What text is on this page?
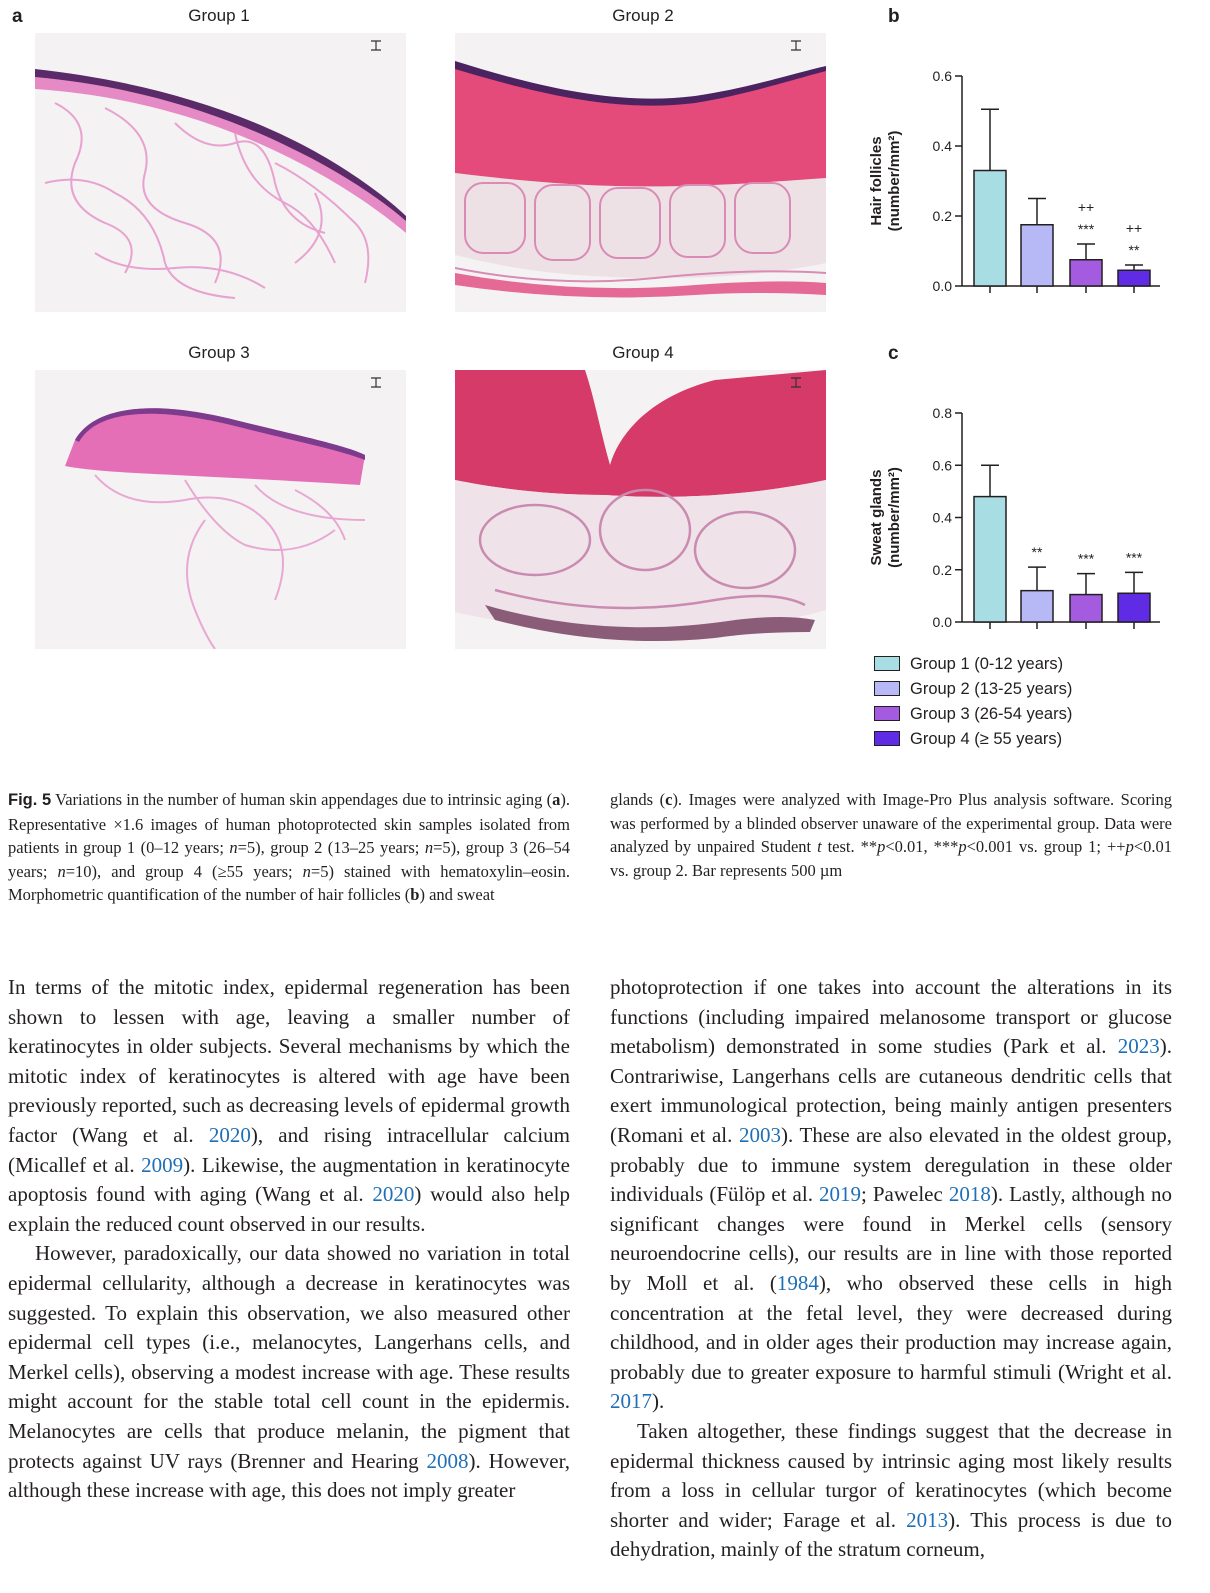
a	Group 1	Group 2
Group 3	Group 4
b
c
0.0
0.2
0.4
0.6
Hair follicles (number/mm²)	++
*** ++
**
0.0
0.2
0.4
0.6
0.8
Sweat glands (number/mm²)	**	*** ***
Group 1 (0-12 years)
Group 2 (13-25 years)
Group 3 (26-54 years)
Group 4 (≥ 55 years)
Fig. 5 Variations in the number of human skin appendages due to intrinsic aging (a). Representative ×1.6 images of human photoprotected skin samples isolated from patients in group 1 (0–12 years; n=5), group 2 (13–25 years; n=5), group 3 (26–54 years; n=10), and group 4 (≥55 years; n=5) stained with hematoxylin–eosin. Morphometric quantification of the number of hair follicles (b) and sweat
glands (c). Images were analyzed with Image-Pro Plus analysis software. Scoring was performed by a blinded observer unaware of the experimental group. Data were analyzed by unpaired Student t test. **p<0.01, ***p<0.001 vs. group 1; ++p<0.01 vs. group 2. Bar represents 500 µm

In terms of the mitotic index, epidermal regeneration has been shown to lessen with age, leaving a smaller number of keratinocytes in older subjects. Several mechanisms by which the mitotic index of keratinocytes is altered with age have been previously reported, such as decreasing levels of epidermal growth factor (Wang et al. 2020), and rising intracellular calcium (Micallef et al. 2009). Likewise, the augmentation in keratinocyte apoptosis found with aging (Wang et al. 2020) would also help explain the reduced count observed in our results.

However, paradoxically, our data showed no variation in total epidermal cellularity, although a decrease in keratinocytes was suggested. To explain this observation, we also measured other epidermal cell types (i.e., melanocytes, Langerhans cells, and Merkel cells), observing a modest increase with age. These results might account for the stable total cell count in the epidermis. Melanocytes are cells that produce melanin, the pigment that protects against UV rays (Brenner and Hearing 2008). However, although these increase with age, this does not imply greater

photoprotection if one takes into account the alterations in its functions (including impaired melanosome transport or glucose metabolism) demonstrated in some studies (Park et al. 2023). Contrariwise, Langerhans cells are cutaneous dendritic cells that exert immunological protection, being mainly antigen presenters (Romani et al. 2003). These are also elevated in the oldest group, probably due to immune system deregulation in these older individuals (Fülöp et al. 2019; Pawelec 2018). Lastly, although no significant changes were found in Merkel cells (sensory neuroendocrine cells), our results are in line with those reported by Moll et al. (1984), who observed these cells in high concentration at the fetal level, they were decreased during childhood, and in older ages their production may increase again, probably due to greater exposure to harmful stimuli (Wright et al. 2017).

Taken altogether, these findings suggest that the decrease in epidermal thickness caused by intrinsic aging most likely results from a loss in cellular turgor of keratinocytes (which become shorter and wider; Farage et al. 2013). This process is due to dehydration, mainly of the stratum corneum,
